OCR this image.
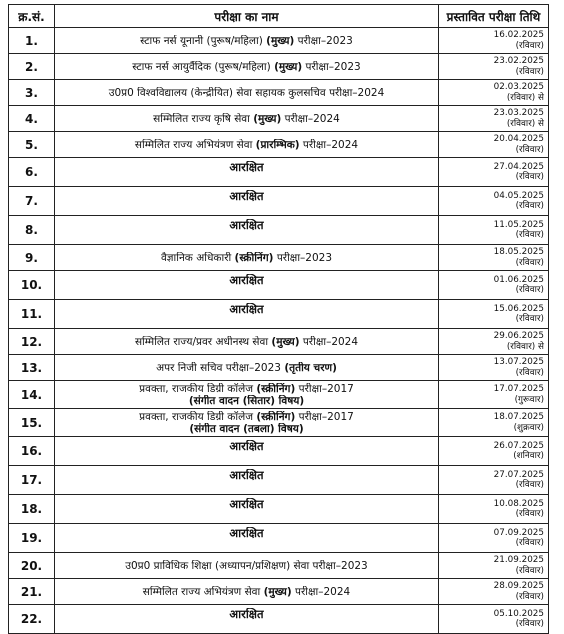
क्र.सं.	परीक्षा का नाम	प्रस्तावित परीक्षा तिथि
1.	स्टाफ नर्स यूनानी (पुरूष/महिला) (मुख्य) परीक्षा–2023	16.02.2025
(रविवार)

2.	स्टाफ नर्स आयुर्वैदिक (पुरूष/महिला) (मुख्य) परीक्षा–2023	23.02.2025
(रविवार)

3.	उ0प्र0 विश्वविद्यालय (केन्द्रीयित) सेवा सहायक कुलसचिव परीक्षा–2024	02.03.2025
(रविवार) से

4.	सम्मिलित राज्य कृषि सेवा (मुख्य) परीक्षा–2024	23.03.2025
(रविवार) से

5.	सम्मिलित राज्य अभियंत्रण सेवा (प्रारम्भिक) परीक्षा–2024	20.04.2025
(रविवार)

6.	आरक्षित	27.04.2025
(रविवार)

7.	आरक्षित	04.05.2025
(रविवार)

8.	आरक्षित	11.05.2025
(रविवार)

9.	वैज्ञानिक अधिकारी (स्क्रीनिंग) परीक्षा–2023	18.05.2025
(रविवार)

10.	आरक्षित	01.06.2025
(रविवार)

11.	आरक्षित	15.06.2025
(रविवार)

12.	सम्मिलित राज्य/प्रवर अधीनस्थ सेवा (मुख्य) परीक्षा–2024	29.06.2025
(रविवार) से

13.	अपर निजी सचिव परीक्षा–2023 (तृतीय चरण)	13.07.2025
(रविवार)

14.	प्रवक्ता, राजकीय डिग्री कॉलेज (स्क्रीनिंग) परीक्षा–2017
(संगीत वादन (सितार) विषय)	17.07.2025
(गुरूवार)

15.	प्रवक्ता, राजकीय डिग्री कॉलेज (स्क्रीनिंग) परीक्षा–2017
(संगीत वादन (तबला) विषय)	18.07.2025
(शुक्रवार)

16.	आरक्षित	26.07.2025
(शनिवार)

17.	आरक्षित	27.07.2025
(रविवार)

18.	आरक्षित	10.08.2025
(रविवार)

19.	आरक्षित	07.09.2025
(रविवार)

20.	उ0प्र0 प्राविधिक शिक्षा (अध्यापन/प्रशिक्षण) सेवा परीक्षा–2023	21.09.2025
(रविवार)

21.	सम्मिलित राज्य अभियंत्रण सेवा (मुख्य) परीक्षा–2024	28.09.2025
(रविवार)

22.	आरक्षित	05.10.2025
(रविवार)
